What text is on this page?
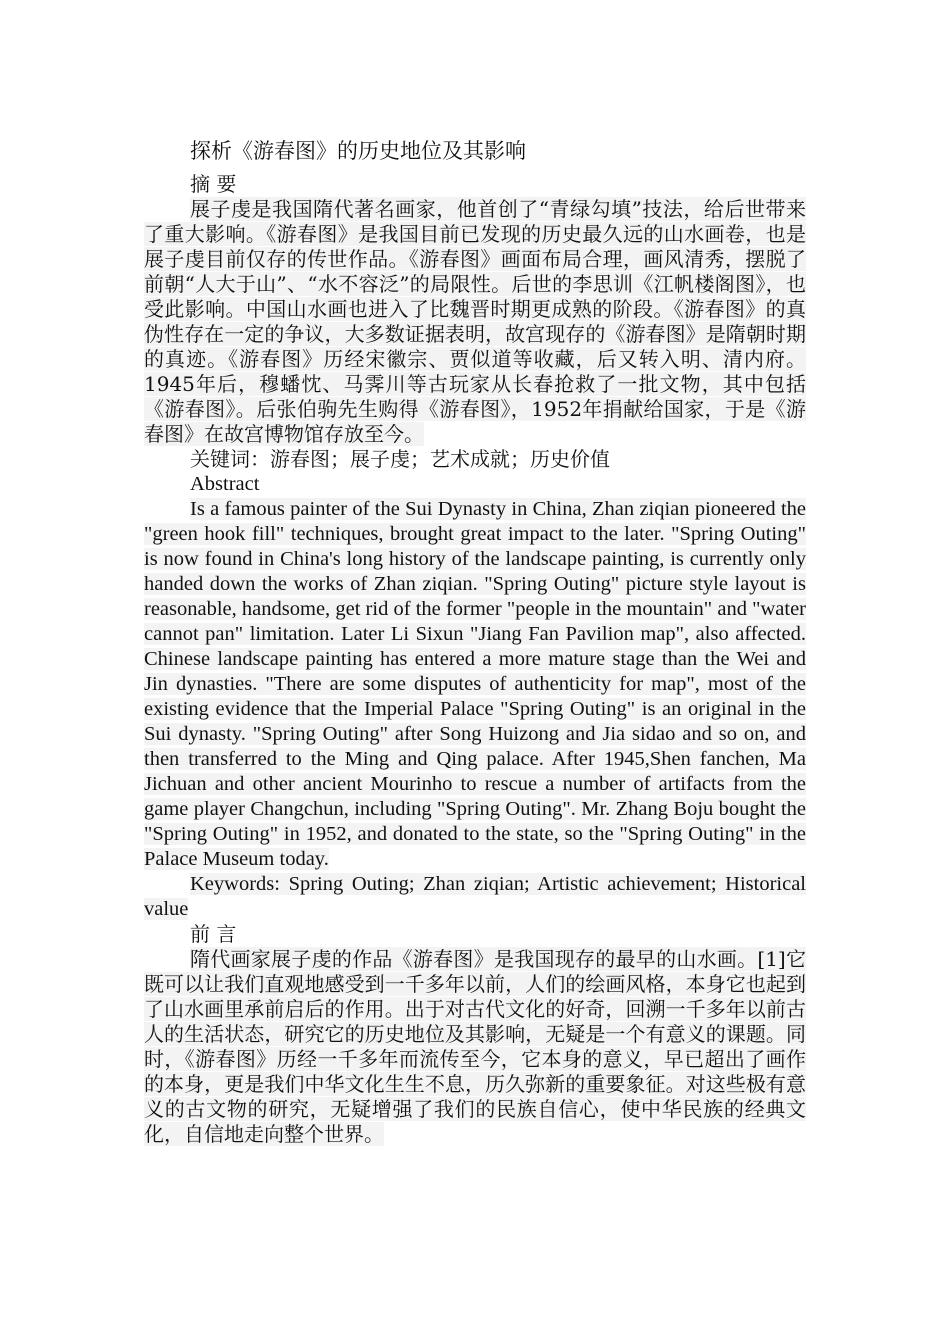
探析《游春图》的历史地位及其影响

摘 要

展子虔是我国隋代著名画家，他首创了“青绿勾填”技法，给后世带来了重大影响。《游春图》是我国目前已发现的历史最久远的山水画卷，也是展子虔目前仅存的传世作品。《游春图》画面布局合理，画风清秀，摆脱了前朝“人大于山”、“水不容泛”的局限性。后世的李思训《江帆楼阁图》，也受此影响。中国山水画也进入了比魏晋时期更成熟的阶段。《游春图》的真伪性存在一定的争议，大多数证据表明，故宫现存的《游春图》是隋朝时期的真迹。《游春图》历经宋徽宗、贾似道等收藏，后又转入明、清内府。1945年后，穆蟠忱、马霁川等古玩家从长春抢救了一批文物，其中包括《游春图》。后张伯驹先生购得《游春图》，1952年捐献给国家，于是《游春图》在故宫博物馆存放至今。

关键词：游春图；展子虔；艺术成就；历史价值

Abstract

Is a famous painter of the Sui Dynasty in China, Zhan ziqian pioneered the "green hook fill" techniques, brought great impact to the later. "Spring Outing" is now found in China's long history of the landscape painting, is currently only handed down the works of Zhan ziqian. "Spring Outing" picture style layout is reasonable, handsome, get rid of the former "people in the mountain" and "water cannot pan" limitation. Later Li Sixun "Jiang Fan Pavilion map", also affected. Chinese landscape painting has entered a more mature stage than the Wei and Jin dynasties. "There are some disputes of authenticity for map", most of the existing evidence that the Imperial Palace "Spring Outing" is an original in the Sui dynasty. "Spring Outing" after Song Huizong and Jia sidao and so on, and then transferred to the Ming and Qing palace. After 1945,Shen fanchen, Ma Jichuan and other ancient Mourinho to rescue a number of artifacts from the game player Changchun, including "Spring Outing". Mr. Zhang Boju bought the "Spring Outing" in 1952, and donated to the state, so the "Spring Outing" in the Palace Museum today.

Keywords: Spring Outing; Zhan ziqian; Artistic achievement; Historical value

前 言

隋代画家展子虔的作品《游春图》是我国现存的最早的山水画。[1]它既可以让我们直观地感受到一千多年以前，人们的绘画风格，本身它也起到了山水画里承前启后的作用。出于对古代文化的好奇，回溯一千多年以前古人的生活状态，研究它的历史地位及其影响，无疑是一个有意义的课题。同时，《游春图》历经一千多年而流传至今，它本身的意义，早已超出了画作的本身，更是我们中华文化生生不息，历久弥新的重要象征。对这些极有意义的古文物的研究，无疑增强了我们的民族自信心，使中华民族的经典文化，自信地走向整个世界。
